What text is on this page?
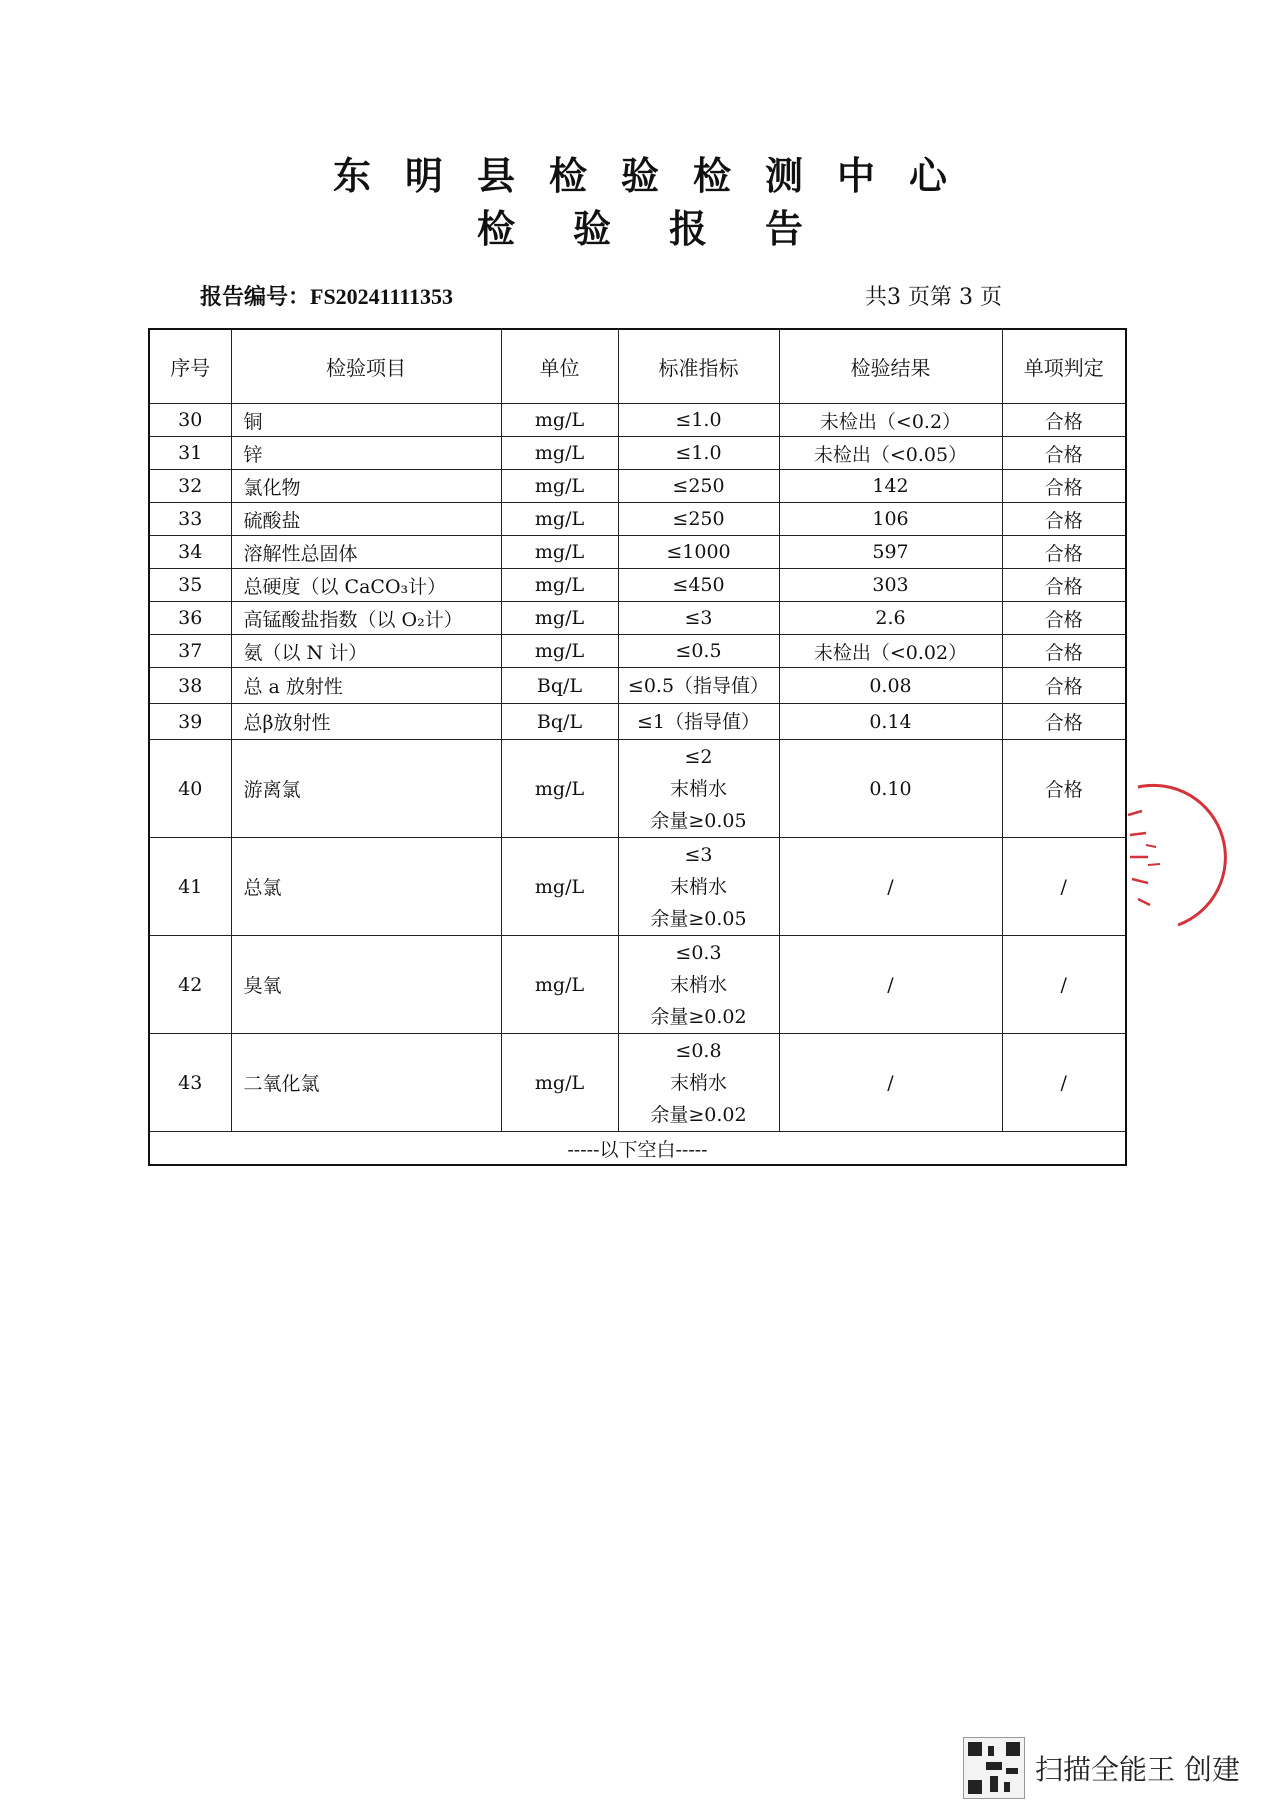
东明县检验检测中心
检验报告
报告编号：FS20241111353	共3 页第 3 页
序号	检验项目	单位	标准指标	检验结果	单项判定
30	铜	mg/L	≤1.0	未检出（<0.2）	合格
31	锌	mg/L	≤1.0	未检出（<0.05）	合格
32	氯化物	mg/L	≤250	142	合格
33	硫酸盐	mg/L	≤250	106	合格
34	溶解性总固体	mg/L	≤1000	597	合格
35	总硬度（以 CaCO₃计）	mg/L	≤450	303	合格
36	高锰酸盐指数（以 O₂计）	mg/L	≤3	2.6	合格
37	氨（以 N 计）	mg/L	≤0.5	未检出（<0.02）	合格
38	总 a 放射性	Bq/L	≤0.5（指导值）	0.08	合格
39	总β放射性	Bq/L	≤1（指导值）	0.14	合格
40	游离氯	mg/L	≤2
末梢水
余量≥0.05	0.10	合格
41	总氯	mg/L	≤3
末梢水
余量≥0.05	/	/
42	臭氧	mg/L	≤0.3
末梢水
余量≥0.02	/	/
43	二氧化氯	mg/L	≤0.8
末梢水
余量≥0.02	/	/
-----以下空白-----					
扫描全能王 创建
